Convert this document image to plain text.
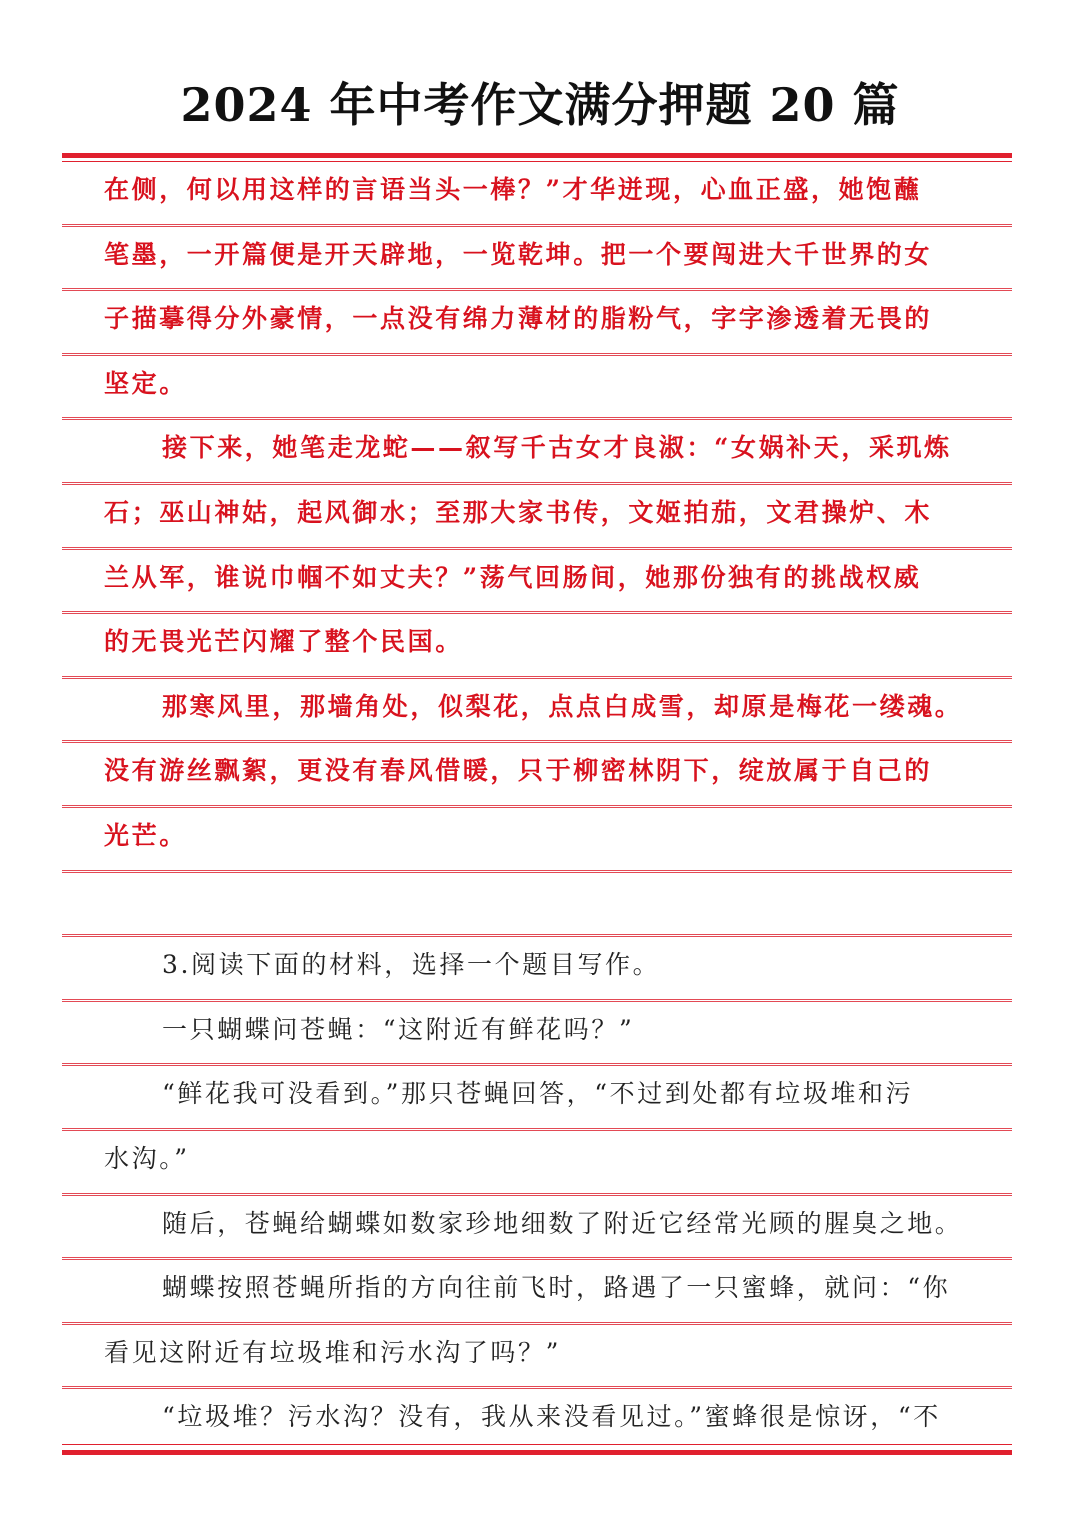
2024 年中考作文满分押题 20 篇
在侧，何以用这样的言语当头一棒？”才华迸现，心血正盛，她饱蘸
笔墨，一开篇便是开天辟地，一览乾坤。把一个要闯进大千世界的女
子描摹得分外豪情，一点没有绵力薄材的脂粉气，字字渗透着无畏的
坚定。
接下来，她笔走龙蛇——叙写千古女才良淑：“女娲补天，采玑炼
石；巫山神姑，起风御水；至那大家书传，文姬拍茄，文君操炉、木
兰从军，谁说巾帼不如丈夫？”荡气回肠间，她那份独有的挑战权威
的无畏光芒闪耀了整个民国。
那寒风里，那墙角处，似梨花，点点白成雪，却原是梅花一缕魂。
没有游丝飘絮，更没有春风借暖，只于柳密林阴下，绽放属于自己的
光芒。
3.阅读下面的材料，选择一个题目写作。
一只蝴蝶问苍蝇：“这附近有鲜花吗？”
“鲜花我可没看到。”那只苍蝇回答，“不过到处都有垃圾堆和污
水沟。”
随后，苍蝇给蝴蝶如数家珍地细数了附近它经常光顾的腥臭之地。
蝴蝶按照苍蝇所指的方向往前飞时，路遇了一只蜜蜂，就问：“你
看见这附近有垃圾堆和污水沟了吗？”
“垃圾堆？污水沟？没有，我从来没看见过。”蜜蜂很是惊讶，“不
